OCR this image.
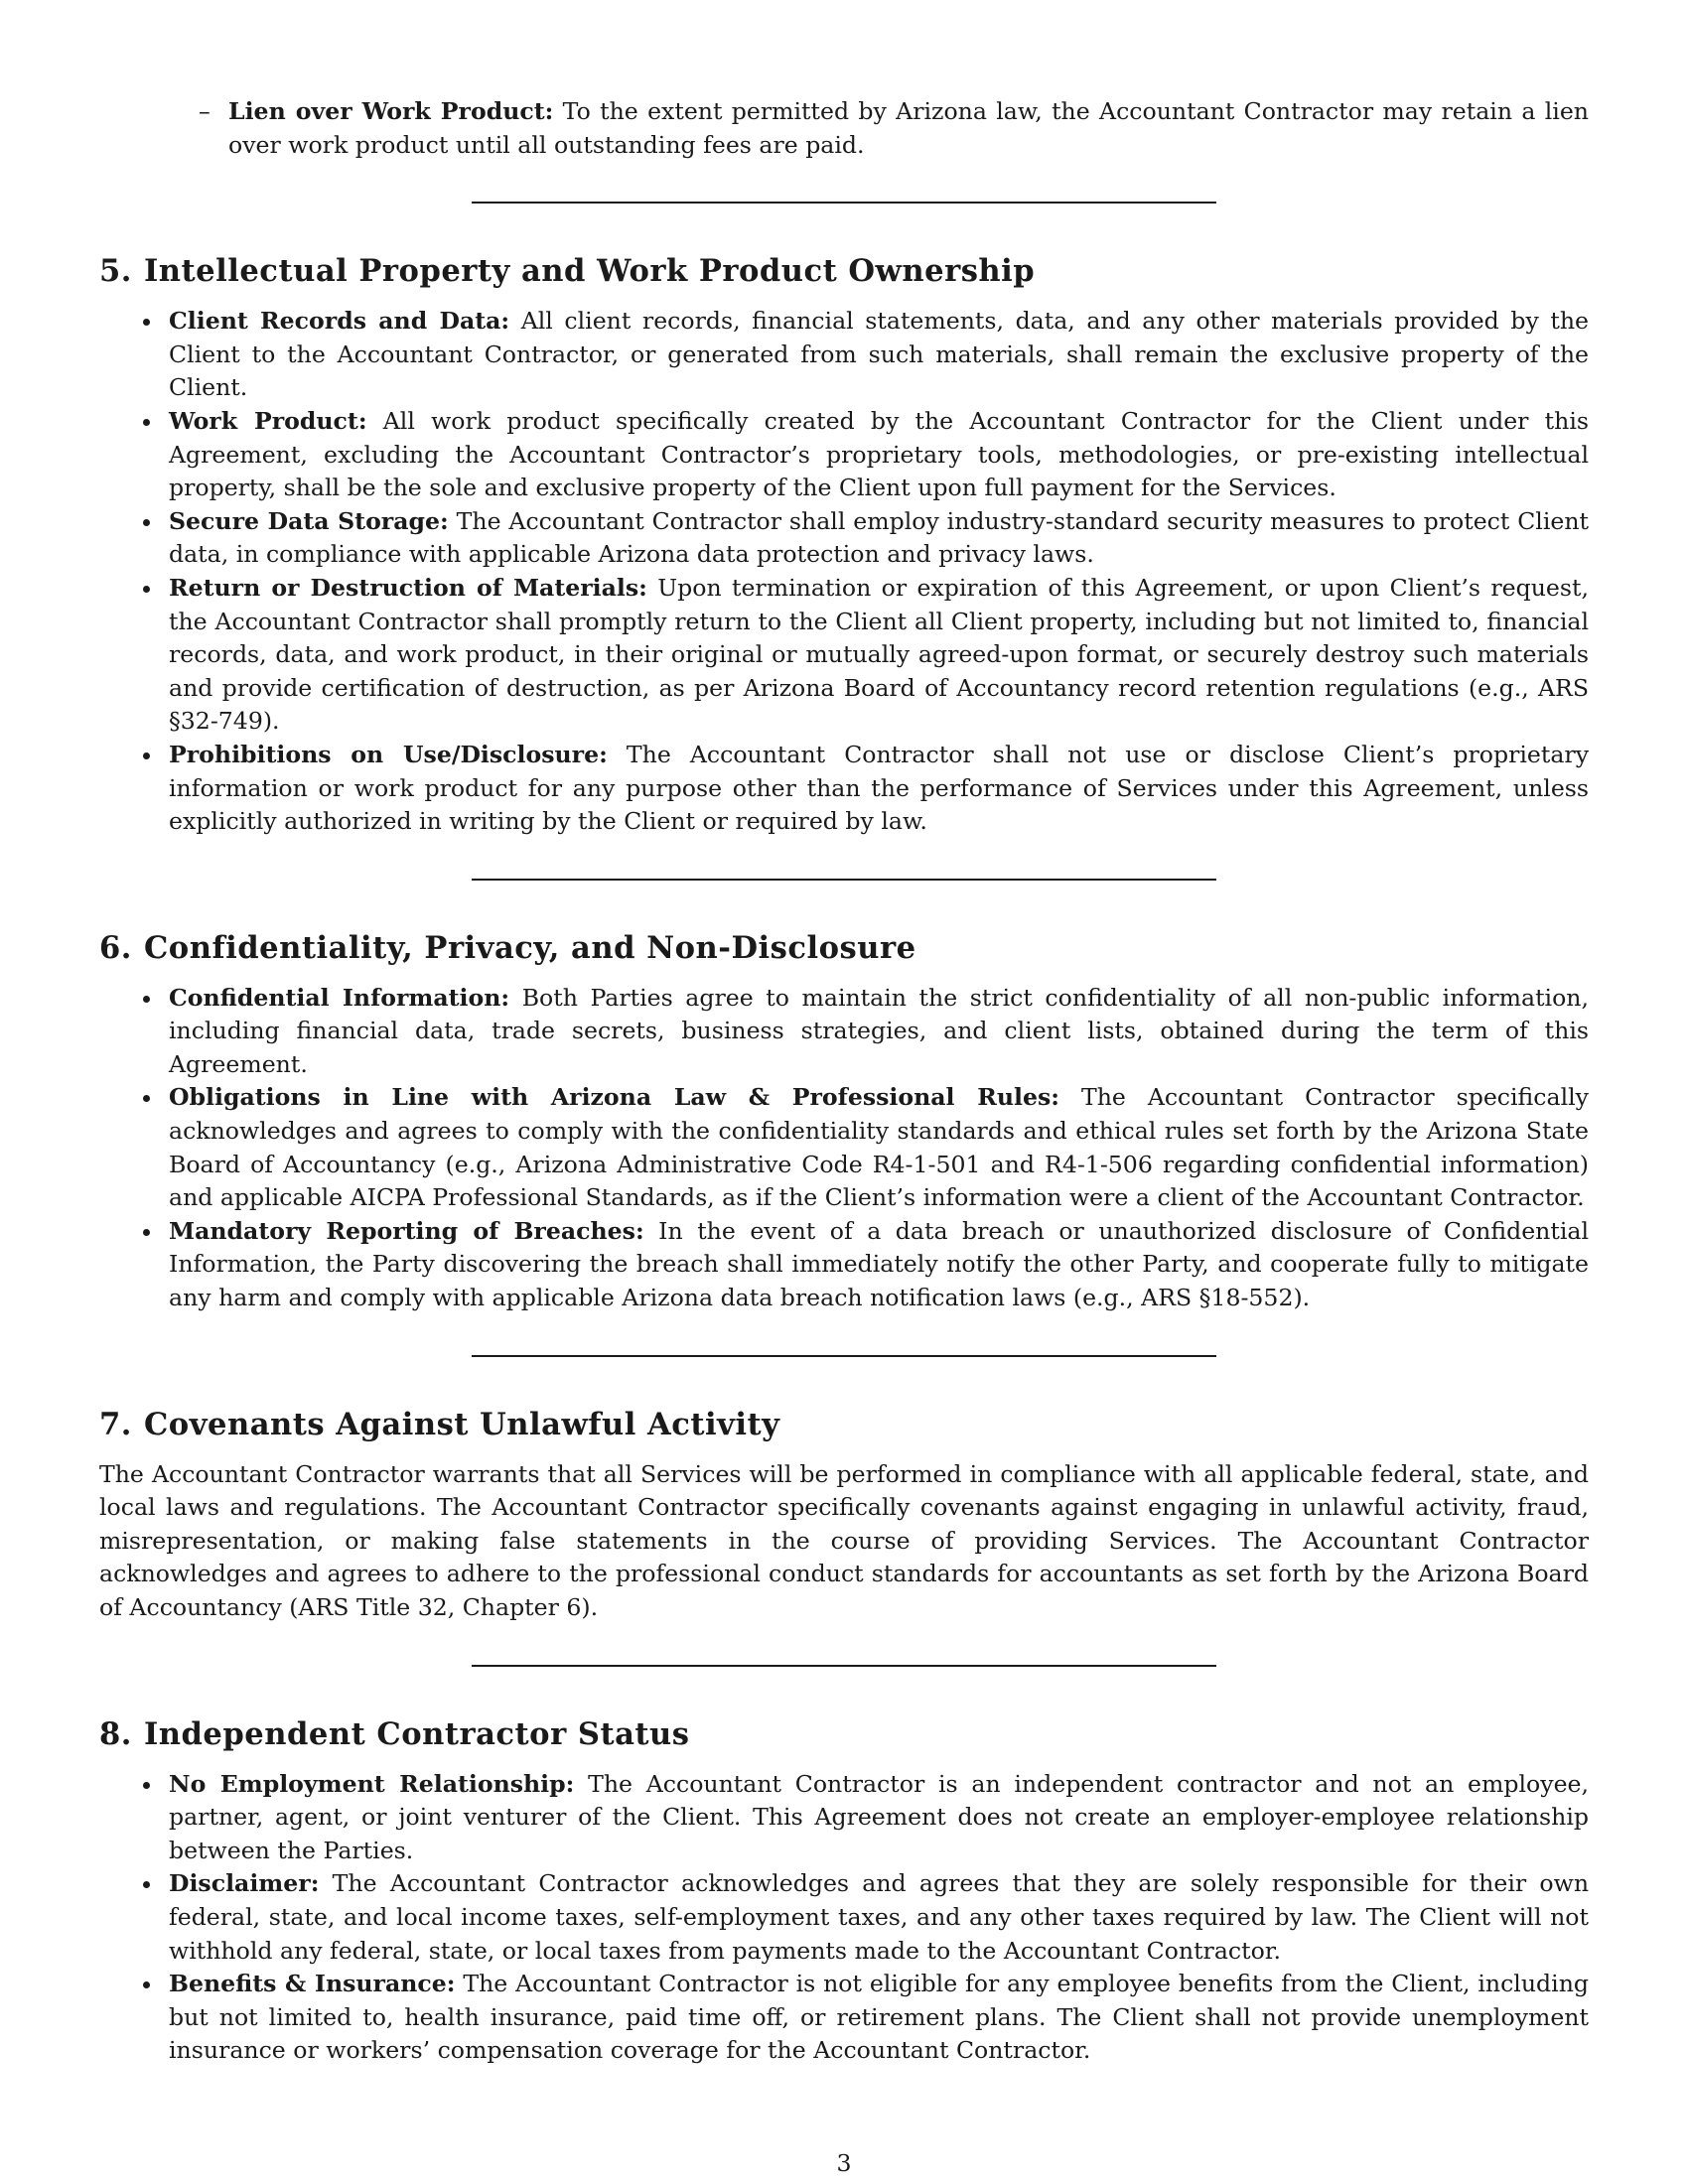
– Lien over Work Product: To the extent permitted by Arizona law, the Accountant Contractor may retain a lien over work product until all outstanding fees are paid.
5. Intellectual Property and Work Product Ownership
Client Records and Data: All client records, financial statements, data, and any other materials provided by the Client to the Accountant Contractor, or generated from such materials, shall remain the exclusive property of the Client.
Work Product: All work product specifically created by the Accountant Contractor for the Client under this Agreement, excluding the Accountant Contractor’s proprietary tools, methodologies, or pre-existing intellectual property, shall be the sole and exclusive property of the Client upon full payment for the Services.
Secure Data Storage: The Accountant Contractor shall employ industry-standard security measures to protect Client data, in compliance with applicable Arizona data protection and privacy laws.
Return or Destruction of Materials: Upon termination or expiration of this Agreement, or upon Client’s request, the Accountant Contractor shall promptly return to the Client all Client property, including but not limited to, financial records, data, and work product, in their original or mutually agreed-upon format, or securely destroy such materials and provide certification of destruction, as per Arizona Board of Accountancy record retention regulations (e.g., ARS §32-749).
Prohibitions on Use/Disclosure: The Accountant Contractor shall not use or disclose Client’s proprietary information or work product for any purpose other than the performance of Services under this Agreement, unless explicitly authorized in writing by the Client or required by law.
6. Confidentiality, Privacy, and Non-Disclosure
Confidential Information: Both Parties agree to maintain the strict confidentiality of all non-public information, including financial data, trade secrets, business strategies, and client lists, obtained during the term of this Agreement.
Obligations in Line with Arizona Law & Professional Rules: The Accountant Contractor specifically acknowledges and agrees to comply with the confidentiality standards and ethical rules set forth by the Arizona State Board of Accountancy (e.g., Arizona Administrative Code R4-1-501 and R4-1-506 regarding confidential information) and applicable AICPA Professional Standards, as if the Client’s information were a client of the Accountant Contractor.
Mandatory Reporting of Breaches: In the event of a data breach or unauthorized disclosure of Confidential Information, the Party discovering the breach shall immediately notify the other Party, and cooperate fully to mitigate any harm and comply with applicable Arizona data breach notification laws (e.g., ARS §18-552).
7. Covenants Against Unlawful Activity

The Accountant Contractor warrants that all Services will be performed in compliance with all applicable federal, state, and local laws and regulations. The Accountant Contractor specifically covenants against engaging in unlawful activity, fraud, misrepresentation, or making false statements in the course of providing Services. The Accountant Contractor acknowledges and agrees to adhere to the professional conduct standards for accountants as set forth by the Arizona Board of Accountancy (ARS Title 32, Chapter 6).

8. Independent Contractor Status
No Employment Relationship: The Accountant Contractor is an independent contractor and not an employee, partner, agent, or joint venturer of the Client. This Agreement does not create an employer-employee relationship between the Parties.
Disclaimer: The Accountant Contractor acknowledges and agrees that they are solely responsible for their own federal, state, and local income taxes, self-employment taxes, and any other taxes required by law. The Client will not withhold any federal, state, or local taxes from payments made to the Accountant Contractor.
Benefits & Insurance: The Accountant Contractor is not eligible for any employee benefits from the Client, including but not limited to, health insurance, paid time off, or retirement plans. The Client shall not provide unemployment insurance or workers’ compensation coverage for the Accountant Contractor.
3
